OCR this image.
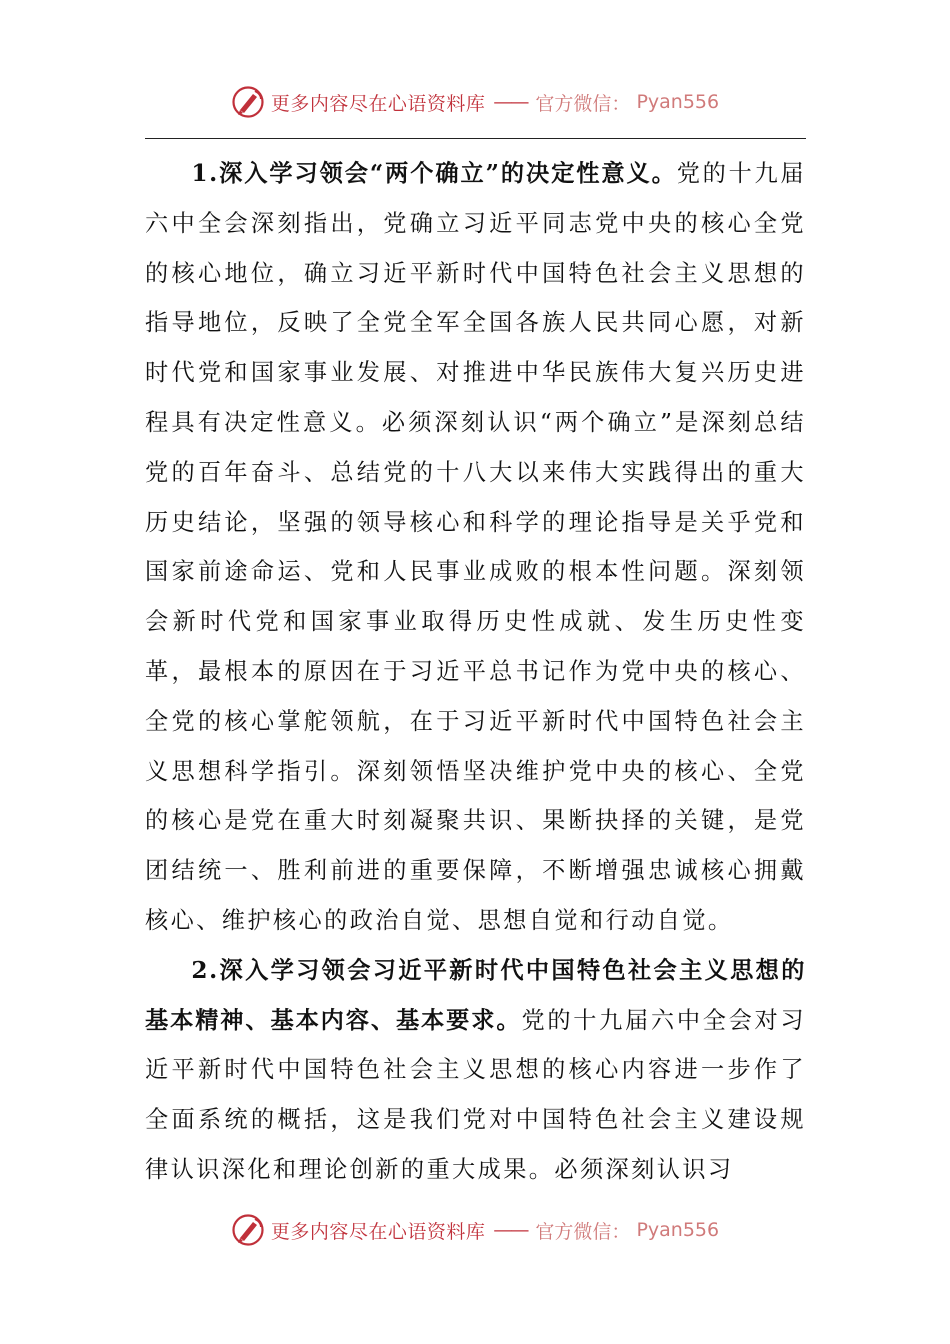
更多内容尽在心语资料库 —— 官方微信： Pyan556

1.深入学习领会“两个确立”的决定性意义。党的十九届六中全会深刻指出，党确立习近平同志党中央的核心全党的核心地位，确立习近平新时代中国特色社会主义思想的指导地位，反映了全党全军全国各族人民共同心愿，对新时代党和国家事业发展、对推进中华民族伟大复兴历史进程具有决定性意义。必须深刻认识“两个确立”是深刻总结党的百年奋斗、总结党的十八大以来伟大实践得出的重大历史结论，坚强的领导核心和科学的理论指导是关乎党和国家前途命运、党和人民事业成败的根本性问题。深刻领会新时代党和国家事业取得历史性成就、发生历史性变革，最根本的原因在于习近平总书记作为党中央的核心、全党的核心掌舵领航，在于习近平新时代中国特色社会主义思想科学指引。深刻领悟坚决维护党中央的核心、全党的核心是党在重大时刻凝聚共识、果断抉择的关键，是党团结统一、胜利前进的重要保障，不断增强忠诚核心拥戴核心、维护核心的政治自觉、思想自觉和行动自觉。

2.深入学习领会习近平新时代中国特色社会主义思想的基本精神、基本内容、基本要求。党的十九届六中全会对习近平新时代中国特色社会主义思想的核心内容进一步作了全面系统的概括，这是我们党对中国特色社会主义建设规律认识深化和理论创新的重大成果。必须深刻认识习

更多内容尽在心语资料库 —— 官方微信： Pyan556
